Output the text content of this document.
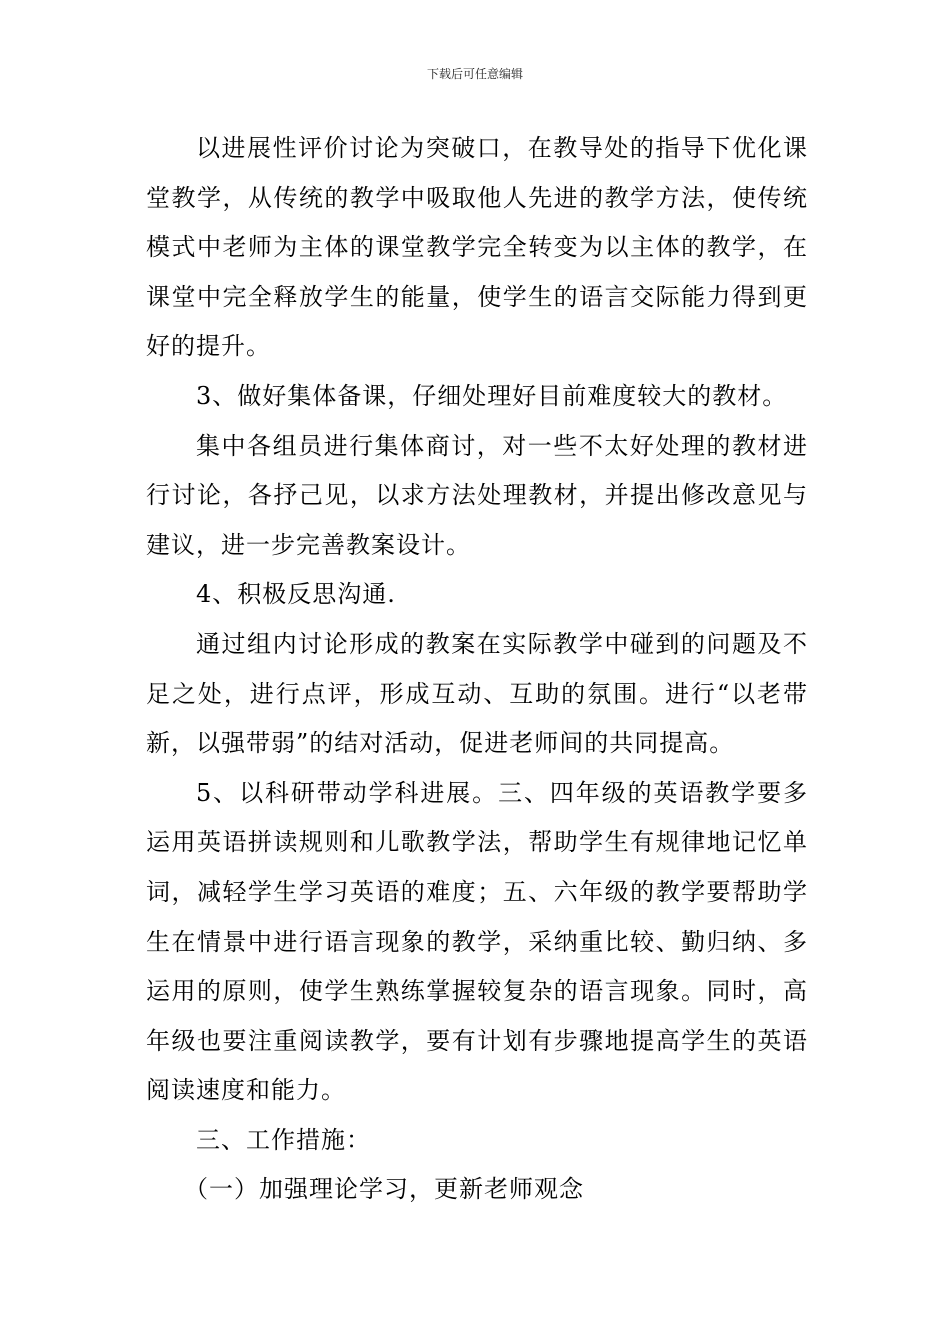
下载后可任意编辑

以进展性评价讨论为突破口，在教导处的指导下优化课堂教学，从传统的教学中吸取他人先进的教学方法，使传统模式中老师为主体的课堂教学完全转变为以主体的教学，在课堂中完全释放学生的能量，使学生的语言交际能力得到更好的提升。

3、做好集体备课，仔细处理好目前难度较大的教材。

集中各组员进行集体商讨，对一些不太好处理的教材进行讨论，各抒己见，以求方法处理教材，并提出修改意见与建议，进一步完善教案设计。

4、积极反思沟通.

通过组内讨论形成的教案在实际教学中碰到的问题及不足之处，进行点评，形成互动、互助的氛围。进行“以老带新，以强带弱”的结对活动，促进老师间的共同提高。

5、以科研带动学科进展。三、四年级的英语教学要多运用英语拼读规则和儿歌教学法，帮助学生有规律地记忆单词，减轻学生学习英语的难度；五、六年级的教学要帮助学生在情景中进行语言现象的教学，采纳重比较、勤归纳、多运用的原则，使学生熟练掌握较复杂的语言现象。同时，高年级也要注重阅读教学，要有计划有步骤地提高学生的英语阅读速度和能力。

三、工作措施：

（一）加强理论学习，更新老师观念
